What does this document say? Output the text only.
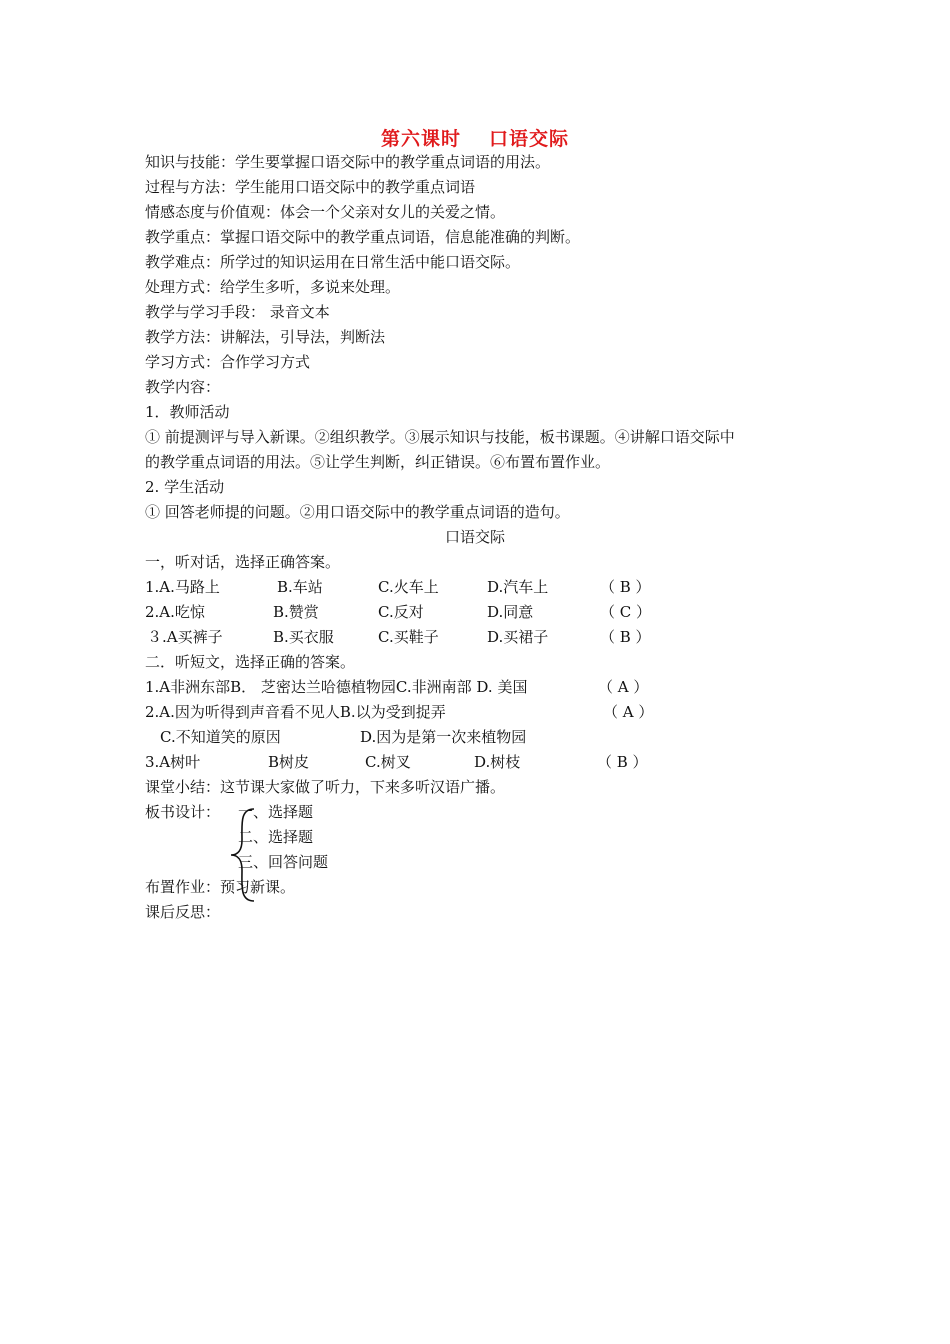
第六课时 口语交际
知识与技能：学生要掌握口语交际中的教学重点词语的用法。
过程与方法：学生能用口语交际中的教学重点词语
情感态度与价值观：体会一个父亲对女儿的关爱之情。
教学重点：掌握口语交际中的教学重点词语，信息能准确的判断。
教学难点：所学过的知识运用在日常生活中能口语交际。
处理方式：给学生多听，多说来处理。
教学与学习手段： 录音文本
教学方法：讲解法，引导法，判断法
学习方式：合作学习方式
教学内容：
1．教师活动
① 前提测评与导入新课。②组织教学。③展示知识与技能，板书课题。④讲解口语交际中
的教学重点词语的用法。⑤让学生判断，纠正错误。⑥布置布置作业。
2. 学生活动
① 回答老师提的问题。②用口语交际中的教学重点词语的造句。
口语交际
一，听对话，选择正确答案。
1.A.马路上	B.车站	C.火车上	D.汽车上	（ B ）
2.A.吃惊	B.赞赏	C.反对	D.同意	（ C ）
３.A买裤子	B.买衣服	C.买鞋子	D.买裙子	（ B ）
二．听短文，选择正确的答案。
1.A非洲东部B． 芝密达兰哈德植物园C.非洲南部 D. 美国	（ A ）
2.A.因为听得到声音看不见人B.以为受到捉弄	（ A ）
C.不知道笑的原因	D.因为是第一次来植物园
3.A树叶	B树皮	C.树叉	D.树枝	（ B ）
课堂小结：这节课大家做了听力，下来多听汉语广播。
板书设计： 一、选择题
二、选择题
三、回答问题
布置作业：预习新课。
课后反思：
